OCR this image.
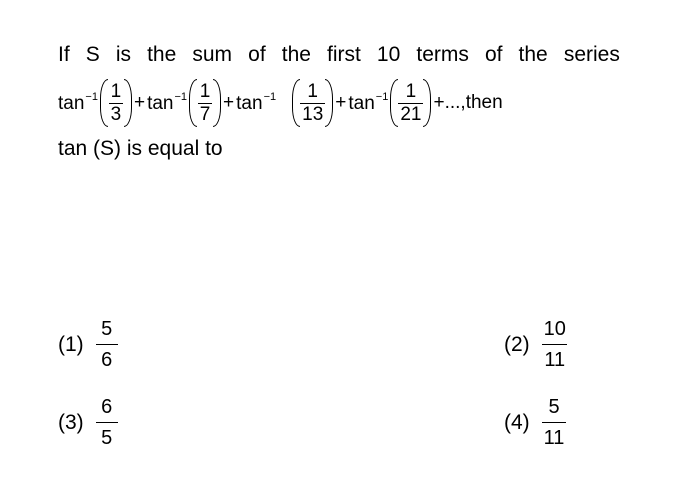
If S is the sum of the first 10 terms of the series
$\tan^{-1} \frac{1}{3} + \tan^{-1} \frac{1}{7} + \tan^{-1} \frac{1}{13} + \tan^{-1} \frac{1}{21}$ +..., then
tan (S) is equal to
$(1) \frac{5}{6}$	$(2) \frac{10}{11}$
$(3) \frac{6}{5}$	$(4) \frac{5}{11}$
